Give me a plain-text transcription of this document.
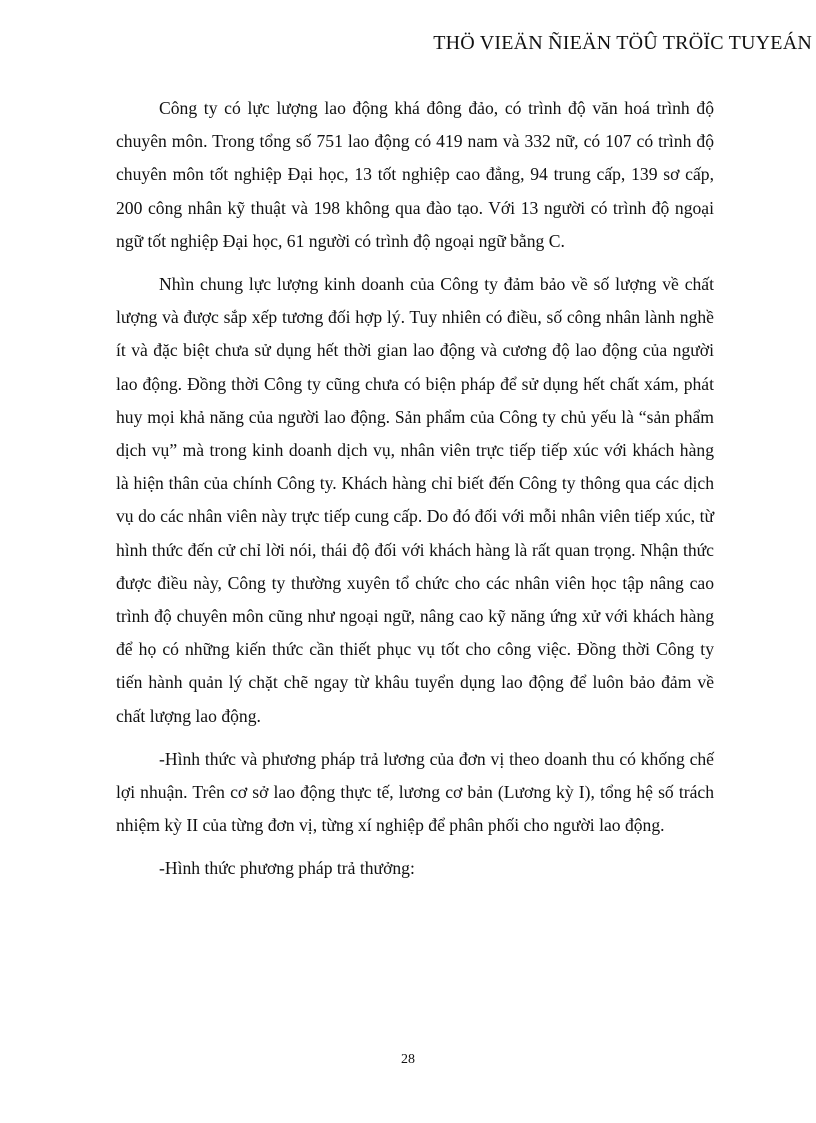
THÖ VIEÄN ÑIEÄN TÖÛ TRÖÏC TUYEÁN

Công ty có lực lượng lao động khá đông đảo, có trình độ văn hoá trình độ chuyên môn. Trong tổng số 751 lao động có 419 nam và 332 nữ, có 107 có trình độ chuyên môn tốt nghiệp Đại học, 13 tốt nghiệp cao đẳng, 94 trung cấp, 139 sơ cấp, 200 công nhân kỹ thuật và 198 không qua đào tạo. Với 13 người có trình độ ngoại ngữ tốt nghiệp Đại học, 61 người có trình độ ngoại ngữ bằng C.

Nhìn chung lực lượng kinh doanh của Công ty đảm bảo về số lượng về chất lượng và được sắp xếp tương đối hợp lý. Tuy nhiên có điều, số công nhân lành nghề ít và đặc biệt chưa sử dụng hết thời gian lao động và cương độ lao động của người lao động. Đồng thời Công ty cũng chưa có biện pháp để sử dụng hết chất xám, phát huy mọi khả năng của người lao động. Sản phẩm của Công ty chủ yếu là “sản phẩm dịch vụ” mà trong kinh doanh dịch vụ, nhân viên trực tiếp tiếp xúc với khách hàng là hiện thân của chính Công ty. Khách hàng chỉ biết đến Công ty thông qua các dịch vụ do các nhân viên này trực tiếp cung cấp. Do đó đối với mỗi nhân viên tiếp xúc, từ hình thức đến cử chỉ lời nói, thái độ đối với khách hàng là rất quan trọng. Nhận thức được điều này, Công ty thường xuyên tổ chức cho các nhân viên học tập nâng cao trình độ chuyên môn cũng như ngoại ngữ, nâng cao kỹ năng ứng xử với khách hàng để họ có những kiến thức cần thiết phục vụ tốt cho công việc. Đồng thời Công ty tiến hành quản lý chặt chẽ ngay từ khâu tuyển dụng lao động để luôn bảo đảm về chất lượng lao động.

-Hình thức và phương pháp trả lương của đơn vị theo doanh thu có khống chế lợi nhuận. Trên cơ sở lao động thực tế, lương cơ bản (Lương kỳ I), tổng hệ số trách nhiệm kỳ II của từng đơn vị, từng xí nghiệp để phân phối cho người lao động.

-Hình thức phương pháp trả thưởng:

28
